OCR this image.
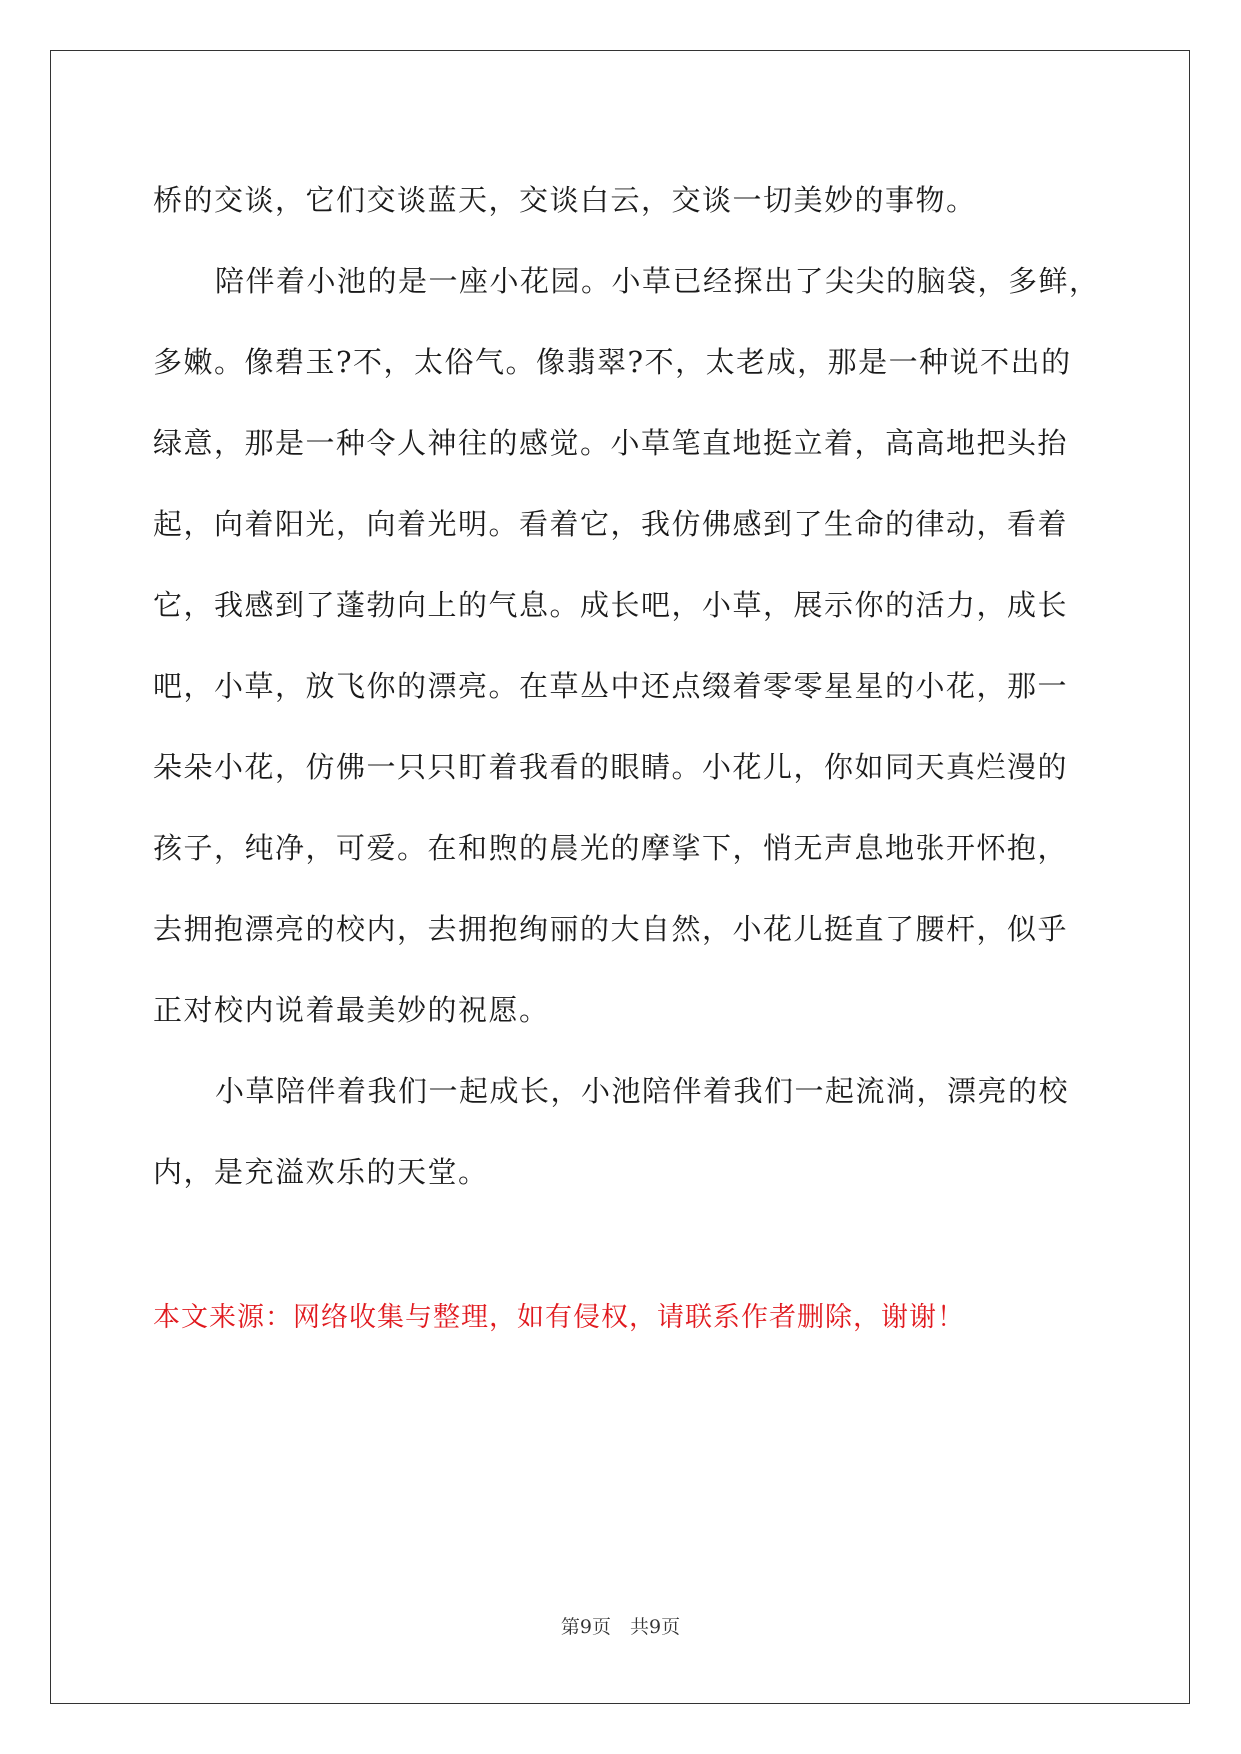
桥的交谈，它们交谈蓝天，交谈白云，交谈一切美妙的事物。
陪伴着小池的是一座小花园。小草已经探出了尖尖的脑袋，多鲜，
多嫩。像碧玉?不，太俗气。像翡翠?不，太老成，那是一种说不出的
绿意，那是一种令人神往的感觉。小草笔直地挺立着，高高地把头抬
起，向着阳光，向着光明。看着它，我仿佛感到了生命的律动，看着
它，我感到了蓬勃向上的气息。成长吧，小草，展示你的活力，成长
吧，小草，放飞你的漂亮。在草丛中还点缀着零零星星的小花，那一
朵朵小花，仿佛一只只盯着我看的眼睛。小花儿，你如同天真烂漫的
孩子，纯净，可爱。在和煦的晨光的摩挲下，悄无声息地张开怀抱，
去拥抱漂亮的校内，去拥抱绚丽的大自然，小花儿挺直了腰杆，似乎
正对校内说着最美妙的祝愿。
小草陪伴着我们一起成长，小池陪伴着我们一起流淌，漂亮的校
内，是充溢欢乐的天堂。
本文来源：网络收集与整理，如有侵权，请联系作者删除，谢谢！
第9页　共9页
